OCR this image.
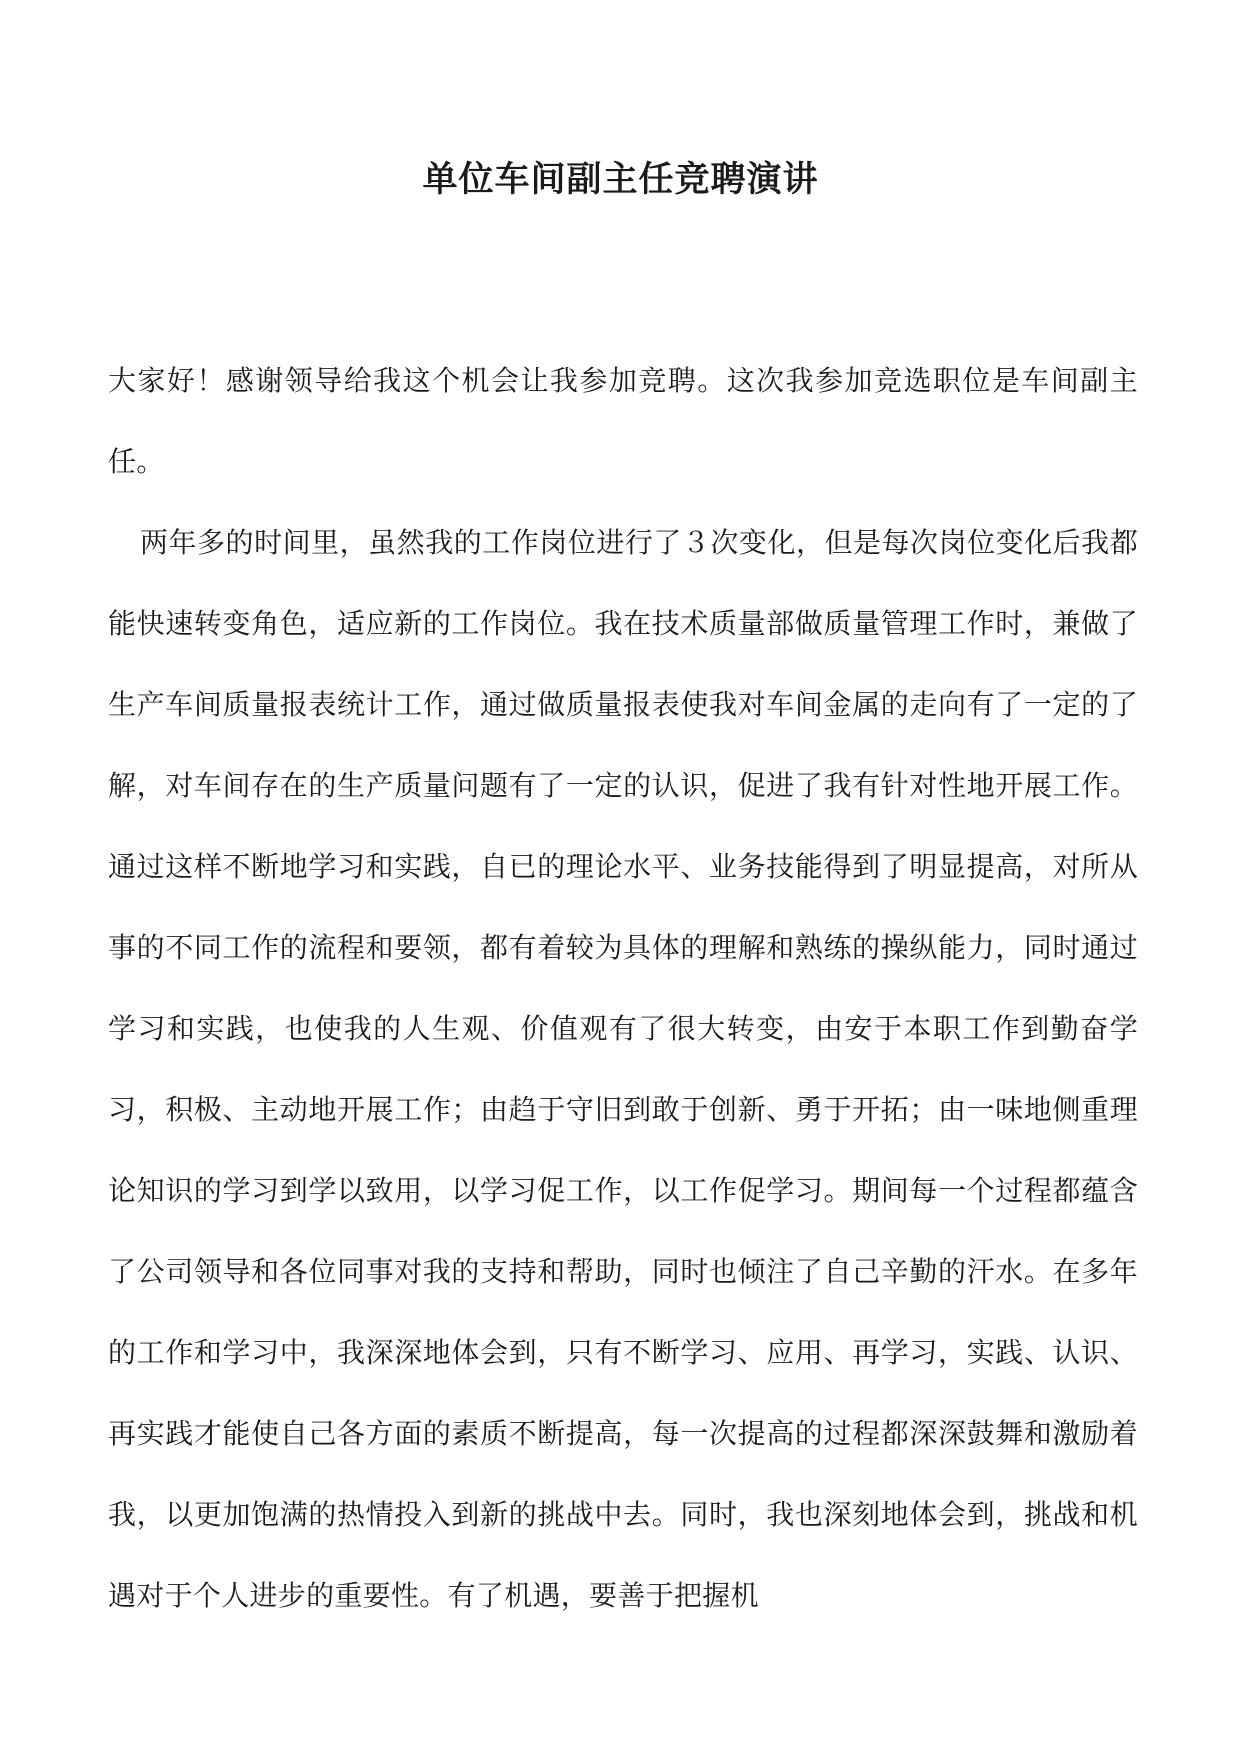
单位车间副主任竞聘演讲

大家好！感谢领导给我这个机会让我参加竞聘。这次我参加竞选职位是车间副主任。

两年多的时间里，虽然我的工作岗位进行了３次变化，但是每次岗位变化后我都能快速转变角色，适应新的工作岗位。我在技术质量部做质量管理工作时，兼做了生产车间质量报表统计工作，通过做质量报表使我对车间金属的走向有了一定的了解，对车间存在的生产质量问题有了一定的认识，促进了我有针对性地开展工作。通过这样不断地学习和实践，自已的理论水平、业务技能得到了明显提高，对所从事的不同工作的流程和要领，都有着较为具体的理解和熟练的操纵能力，同时通过学习和实践，也使我的人生观、价值观有了很大转变，由安于本职工作到勤奋学习，积极、主动地开展工作；由趋于守旧到敢于创新、勇于开拓；由一味地侧重理论知识的学习到学以致用，以学习促工作，以工作促学习。期间每一个过程都蕴含了公司领导和各位同事对我的支持和帮助，同时也倾注了自己辛勤的汗水。在多年的工作和学习中，我深深地体会到，只有不断学习、应用、再学习，实践、认识、再实践才能使自己各方面的素质不断提高，每一次提高的过程都深深鼓舞和激励着我，以更加饱满的热情投入到新的挑战中去。同时，我也深刻地体会到，挑战和机遇对于个人进步的重要性。有了机遇，要善于把握机
